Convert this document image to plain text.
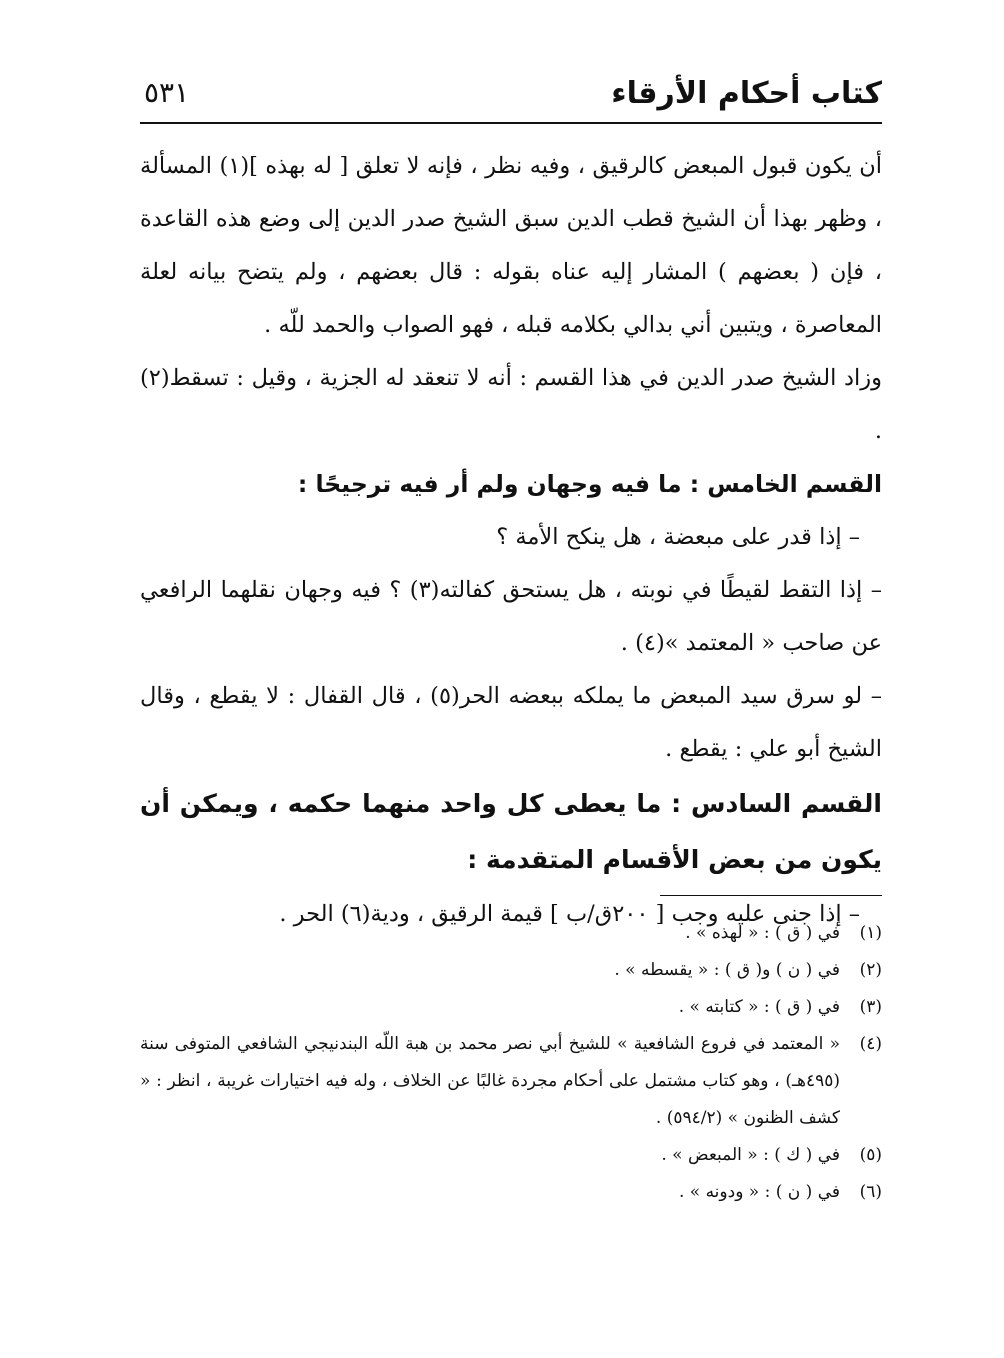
كتاب أحكام الأرقاء
٥٣١

أن يكون قبول المبعض كالرقيق ، وفيه نظر ، فإنه لا تعلق [ له بهذه ](١) المسألة ، وظهر بهذا أن الشيخ قطب الدين سبق الشيخ صدر الدين إلى وضع هذه القاعدة ، فإن ( بعضهم ) المشار إليه عناه بقوله : قال بعضهم ، ولم يتضح بيانه لعلة المعاصرة ، ويتبين أني بدالي بكلامه قبله ، فهو الصواب والحمد للّه .

وزاد الشيخ صدر الدين في هذا القسم : أنه لا تنعقد له الجزية ، وقيل : تسقط(٢) .

القسم الخامس : ما فيه وجهان ولم أر فيه ترجيحًا :

– إذا قدر على مبعضة ، هل ينكح الأمة ؟

– إذا التقط لقيطًا في نوبته ، هل يستحق كفالته(٣) ؟ فيه وجهان نقلهما الرافعي عن صاحب « المعتمد »(٤) .

– لو سرق سيد المبعض ما يملكه ببعضه الحر(٥) ، قال القفال : لا يقطع ، وقال الشيخ أبو علي : يقطع .

القسم السادس : ما يعطى كل واحد منهما حكمه ، ويمكن أن يكون من بعض الأقسام المتقدمة :

– إذا جنى عليه وجب [ ٢٠٠ق/ب ] قيمة الرقيق ، ودية(٦) الحر .

(١)
في ( ق ) : « لهذه » .
(٢)
في ( ن ) و( ق ) : « يقسطه » .
(٣)
في ( ق ) : « كتابته » .
(٤)
« المعتمد في فروع الشافعية » للشيخ أبي نصر محمد بن هبة اللّه البندنيجي الشافعي المتوفى سنة (٤٩٥هـ) ، وهو كتاب مشتمل على أحكام مجردة غالبًا عن الخلاف ، وله فيه اختيارات غريبة ، انظر : « كشف الظنون » (٥٩٤/٢) .
(٥)
في ( ك ) : « المبعض » .
(٦)
في ( ن ) : « ودونه » .
